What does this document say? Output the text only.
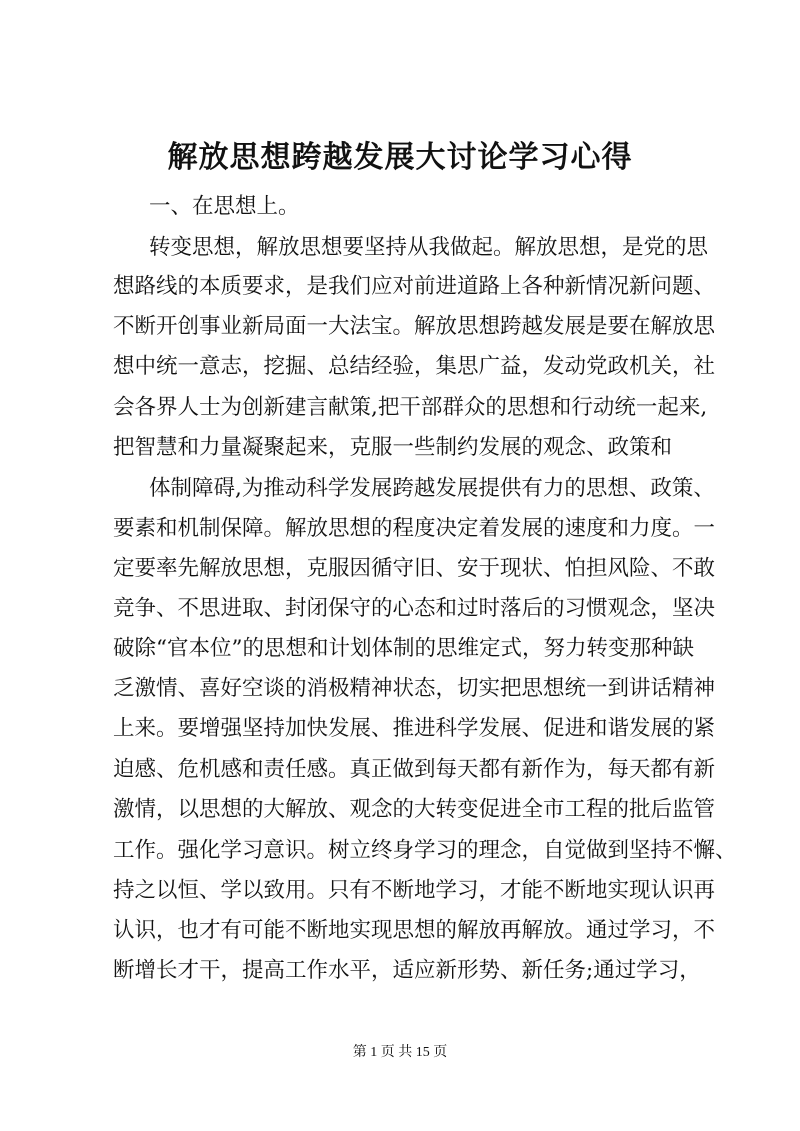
解放思想跨越发展大讨论学习心得
一、在思想上。
转变思想，解放思想要坚持从我做起。解放思想，是党的思
想路线的本质要求，是我们应对前进道路上各种新情况新问题、
不断开创事业新局面一大法宝。解放思想跨越发展是要在解放思
想中统一意志，挖掘、总结经验，集思广益，发动党政机关，社
会各界人士为创新建言献策,把干部群众的思想和行动统一起来,
把智慧和力量凝聚起来，克服一些制约发展的观念、政策和
体制障碍,为推动科学发展跨越发展提供有力的思想、政策、
要素和机制保障。解放思想的程度决定着发展的速度和力度。一
定要率先解放思想，克服因循守旧、安于现状、怕担风险、不敢
竞争、不思进取、封闭保守的心态和过时落后的习惯观念，坚决
破除“官本位”的思想和计划体制的思维定式，努力转变那种缺
乏激情、喜好空谈的消极精神状态，切实把思想统一到讲话精神
上来。要增强坚持加快发展、推进科学发展、促进和谐发展的紧
迫感、危机感和责任感。真正做到每天都有新作为，每天都有新
激情，以思想的大解放、观念的大转变促进全市工程的批后监管
工作。强化学习意识。树立终身学习的理念，自觉做到坚持不懈、
持之以恒、学以致用。只有不断地学习，才能不断地实现认识再
认识，也才有可能不断地实现思想的解放再解放。通过学习，不
断增长才干，提高工作水平，适应新形势、新任务;通过学习，
第 1 页 共 15 页
